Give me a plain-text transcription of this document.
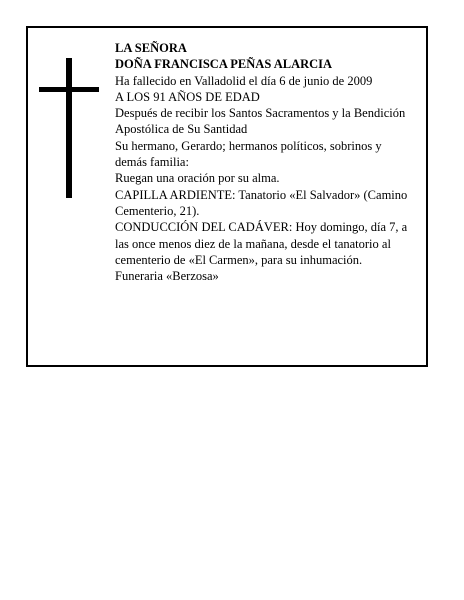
LA SEÑORA

DOÑA FRANCISCA PEÑAS ALARCIA

Ha fallecido en Valladolid el día 6 de junio de 2009

A LOS 91 AÑOS DE EDAD

Después de recibir los Santos Sacramentos y la Bendición Apostólica de Su Santidad

Su hermano, Gerardo; hermanos políticos, sobrinos y demás familia:

Ruegan una oración por su alma.

CAPILLA ARDIENTE: Tanatorio «El Salvador» (Camino Cementerio, 21).

CONDUCCIÓN DEL CADÁVER: Hoy domingo, día 7, a las once menos diez de la mañana, desde el tanatorio al cementerio de «El Carmen», para su inhumación.

Funeraria «Berzosa»
